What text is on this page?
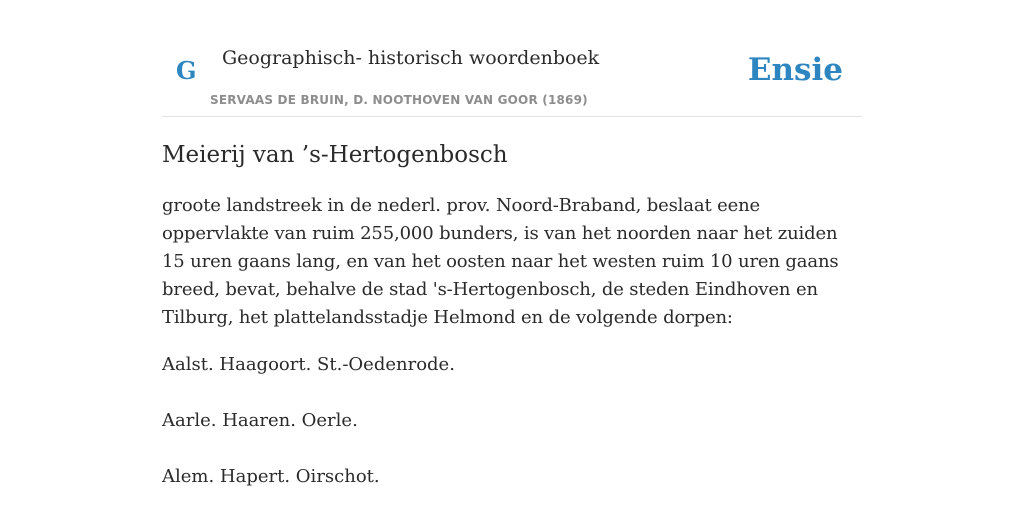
G Geographisch- historisch woordenboek
SERVAAS DE BRUIN, D. NOOTHOVEN VAN GOOR (1869)
Ensie
Meierij van ’s-Hertogenbosch

groote landstreek in de nederl. prov. Noord-Braband, beslaat eene oppervlakte van ruim 255,000 bunders, is van het noorden naar het zuiden 15 uren gaans lang, en van het oosten naar het westen ruim 10 uren gaans breed, bevat, behalve de stad 's-Hertogenbosch, de steden Eindhoven en Tilburg, het plattelandsstadje Helmond en de volgende dorpen:

Aalst. Haagoort. St.-Oedenrode.

Aarle. Haaren. Oerle.

Alem. Hapert. Oirschot.
